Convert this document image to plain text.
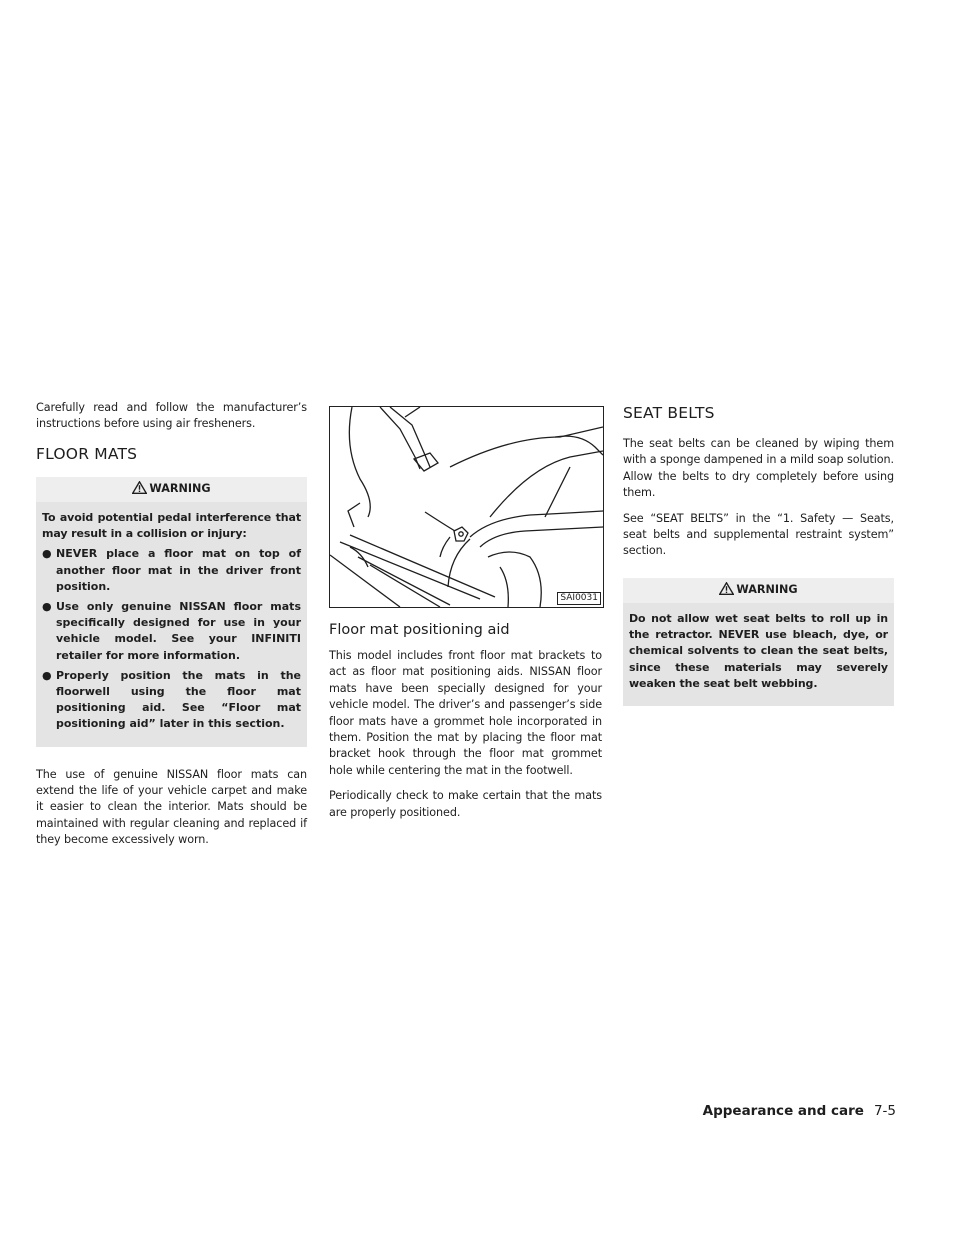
Carefully read and follow the manufacturer’s instructions before using air fresheners.

FLOOR MATS
WARNING

To avoid potential pedal interference that may result in a collision or injury:

● NEVER place a floor mat on top of another floor mat in the driver front position.
● Use only genuine NISSAN floor mats specifically designed for use in your vehicle model. See your INFINITI retailer for more information.
● Properly position the mats in the floorwell using the floor mat positioning aid. See “Floor mat positioning aid” later in this section.

The use of genuine NISSAN floor mats can extend the life of your vehicle carpet and make it easier to clean the interior. Mats should be maintained with regular cleaning and replaced if they become excessively worn.

SAI0031
Floor mat positioning aid

This model includes front floor mat brackets to act as floor mat positioning aids. NISSAN floor mats have been specially designed for your vehicle model. The driver’s and passenger’s side floor mats have a grommet hole incorporated in them. Position the mat by placing the floor mat bracket hook through the floor mat grommet hole while centering the mat in the footwell.

Periodically check to make certain that the mats are properly positioned.

SEAT BELTS

The seat belts can be cleaned by wiping them with a sponge dampened in a mild soap solution. Allow the belts to dry completely before using them.

See “SEAT BELTS” in the “1. Safety — Seats, seat belts and supplemental restraint system” section.

WARNING

Do not allow wet seat belts to roll up in the retractor. NEVER use bleach, dye, or chemical solvents to clean the seat belts, since these materials may severely weaken the seat belt webbing.

Appearance and care 7-5
